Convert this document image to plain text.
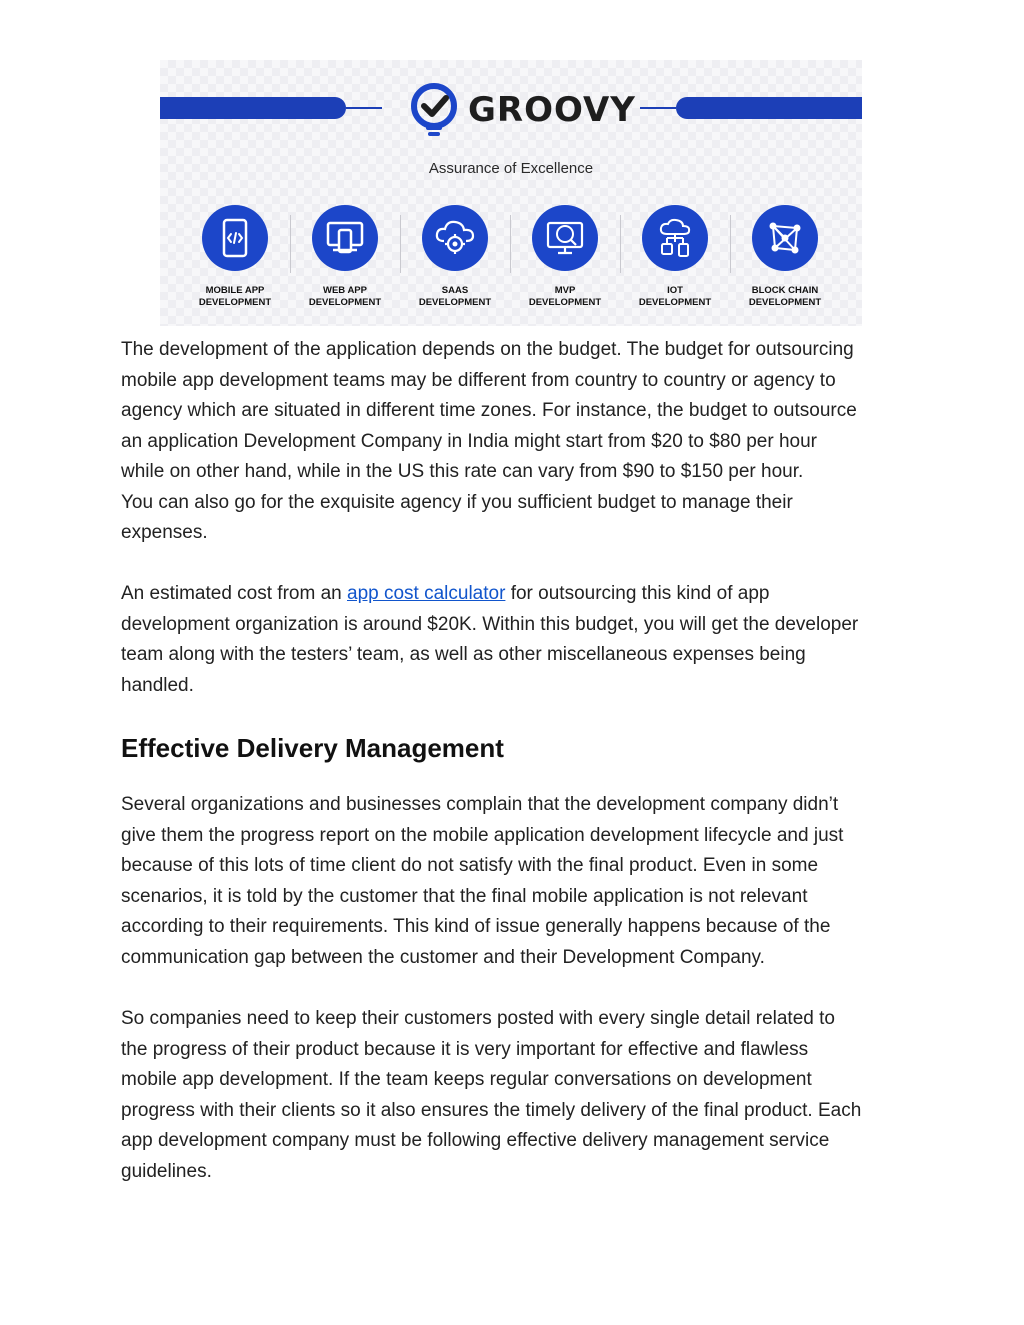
GROOVY
Assurance of Excellence
MOBILE APP
DEVELOPMENT
WEB APP
DEVELOPMENT
SAAS
DEVELOPMENT
MVP
DEVELOPMENT
IOT
DEVELOPMENT
BLOCK CHAIN
DEVELOPMENT

The development of the application depends on the budget. The budget for outsourcing
mobile app development teams may be different from country to country or agency to
agency which are situated in different time zones. For instance, the budget to outsource
an application Development Company in India might start from $20 to $80 per hour
while on other hand, while in the US this rate can vary from $90 to $150 per hour.
You can also go for the exquisite agency if you sufficient budget to manage their
expenses.

An estimated cost from an app cost calculator for outsourcing this kind of app
development organization is around $20K. Within this budget, you will get the developer
team along with the testers’ team, as well as other miscellaneous expenses being
handled.

Effective Delivery Management

Several organizations and businesses complain that the development company didn’t
give them the progress report on the mobile application development lifecycle and just
because of this lots of time client do not satisfy with the final product. Even in some
scenarios, it is told by the customer that the final mobile application is not relevant
according to their requirements. This kind of issue generally happens because of the
communication gap between the customer and their Development Company.

So companies need to keep their customers posted with every single detail related to
the progress of their product because it is very important for effective and flawless
mobile app development. If the team keeps regular conversations on development
progress with their clients so it also ensures the timely delivery of the final product. Each
app development company must be following effective delivery management service
guidelines.
